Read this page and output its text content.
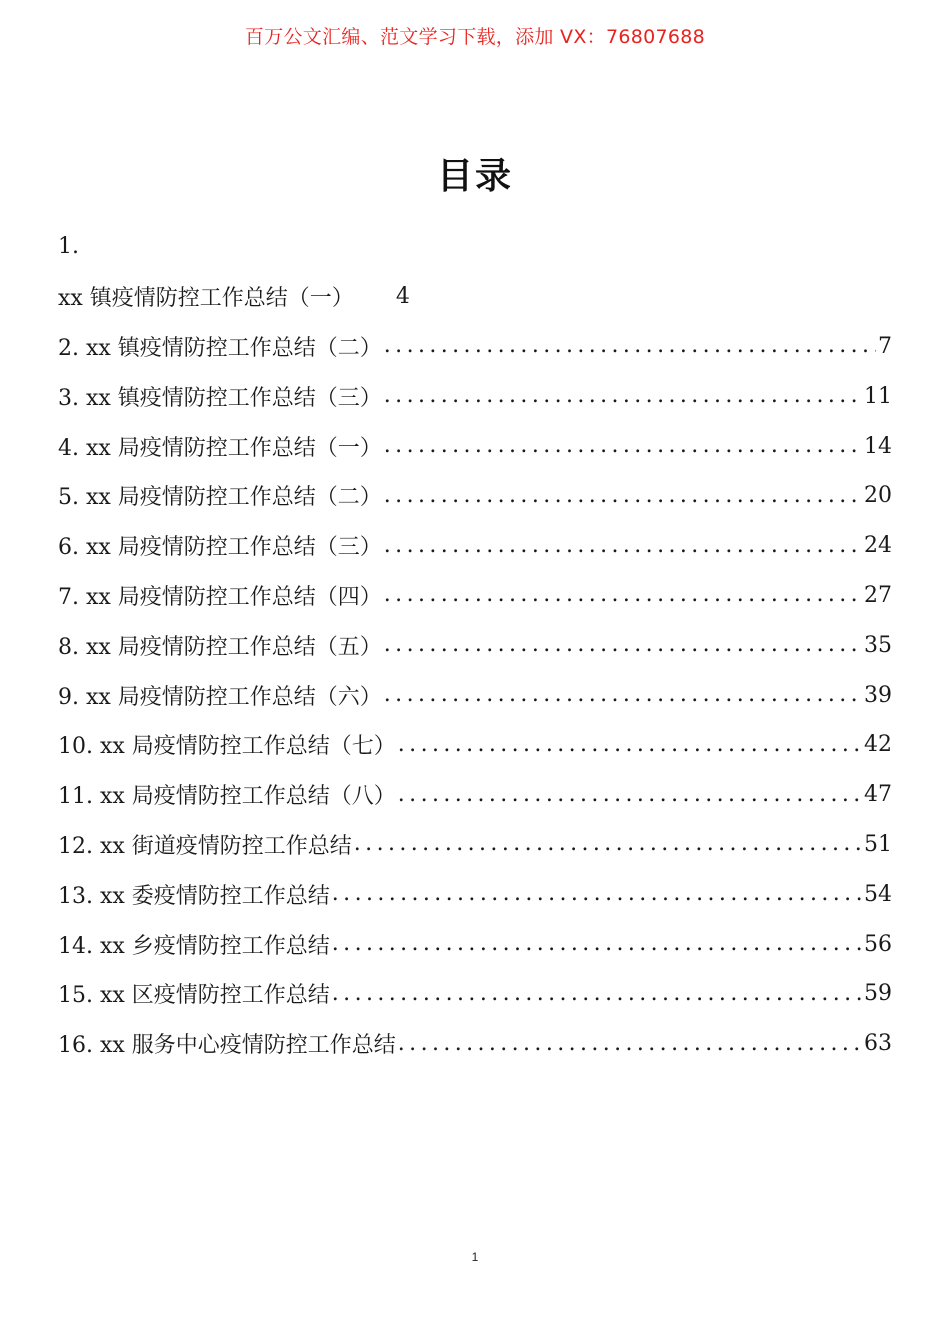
百万公文汇编、范文学习下载，添加 VX：76807688
目录
1.
xx 镇疫情防控工作总结（一） 4
2. xx 镇疫情防控工作总结（二） . . .	7
3. xx 镇疫情防控工作总结（三） . . .	11
4. xx 局疫情防控工作总结（一） . . .	14
5. xx 局疫情防控工作总结（二） . . .	20
6. xx 局疫情防控工作总结（三） . . .	24
7. xx 局疫情防控工作总结（四） . . .	27
8. xx 局疫情防控工作总结（五） . . .	35
9. xx 局疫情防控工作总结（六） . . .	39
10. xx 局疫情防控工作总结（七） . . .	42
11. xx 局疫情防控工作总结（八） . . .	47
12. xx 街道疫情防控工作总结 . . .	51
13. xx 委疫情防控工作总结 . . .	54
14. xx 乡疫情防控工作总结 . . .	56
15. xx 区疫情防控工作总结 . . .	59
16. xx 服务中心疫情防控工作总结 . . .	63
1
